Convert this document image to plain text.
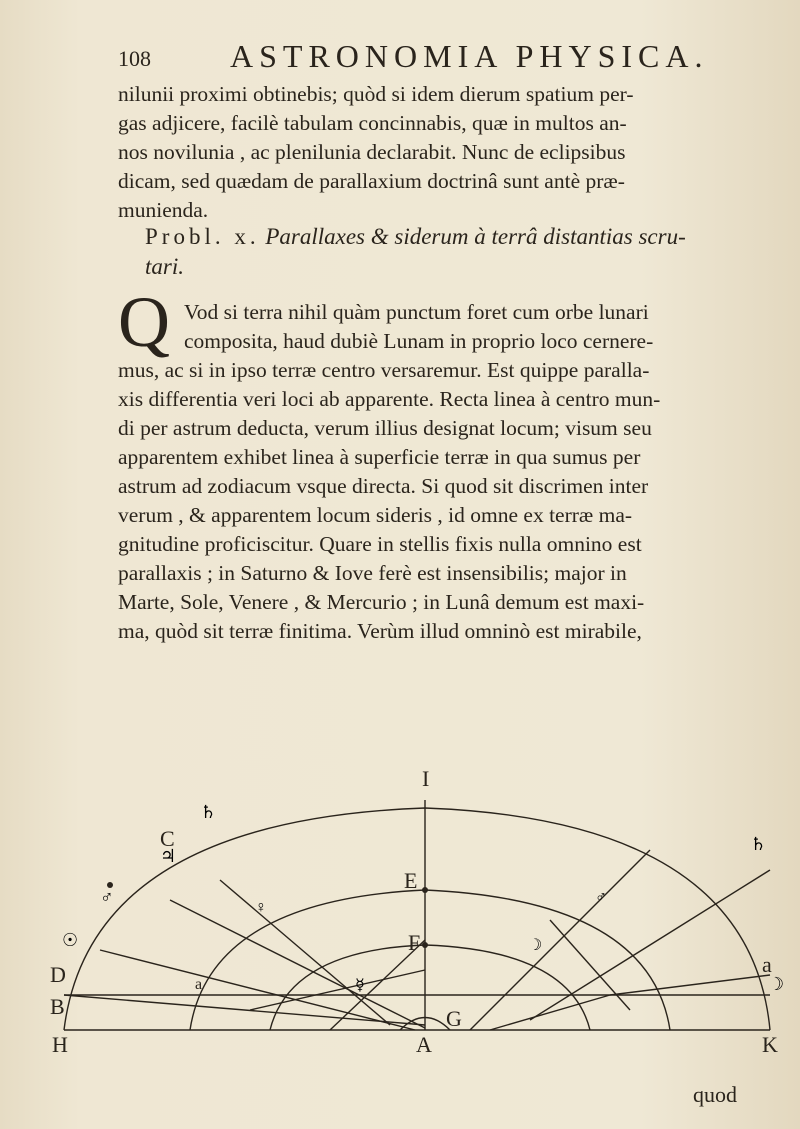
108 ASTRONOMIA PHYSICA.
nilunii proximi obtinebis; quòd si idem dierum spatium per-
gas adjicere, facilè tabulam concinnabis, quæ in multos an-
nos novilunia , ac plenilunia declarabit. Nunc de eclipsibus
dicam, sed quædam de parallaxium doctrinâ sunt antè præ-
munienda.
Probl. x. Parallaxes & siderum à terrâ distantias scru-
tari.
Q Vod si terra nihil quàm punctum foret cum orbe lunari
composita, haud dubiè Lunam in proprio loco cernere-
mus, ac si in ipso terræ centro versaremur. Est quippe paralla-
xis differentia veri loci ab apparente. Recta linea à centro mun-
di per astrum deducta, verum illius designat locum; visum seu
apparentem exhibet linea à superficie terræ in qua sumus per
astrum ad zodiacum vsque directa. Si quod sit discrimen inter
verum , & apparentem locum sideris , id omne ex terræ ma-
gnitudine proficiscitur. Quare in stellis fixis nulla omnino est
parallaxis ; in Saturno & Iove ferè est insensibilis; major in
Marte, Sole, Venere , & Mercurio ; in Lunâ demum est maxi-
ma, quòd sit terræ finitima. Verùm illud omninò est mirabile,
♄
♃
♂
☉
♀
☿
♄
♂
☽
☽
I
C
E
F
G
D
B
H	A	K
a
a
quod
